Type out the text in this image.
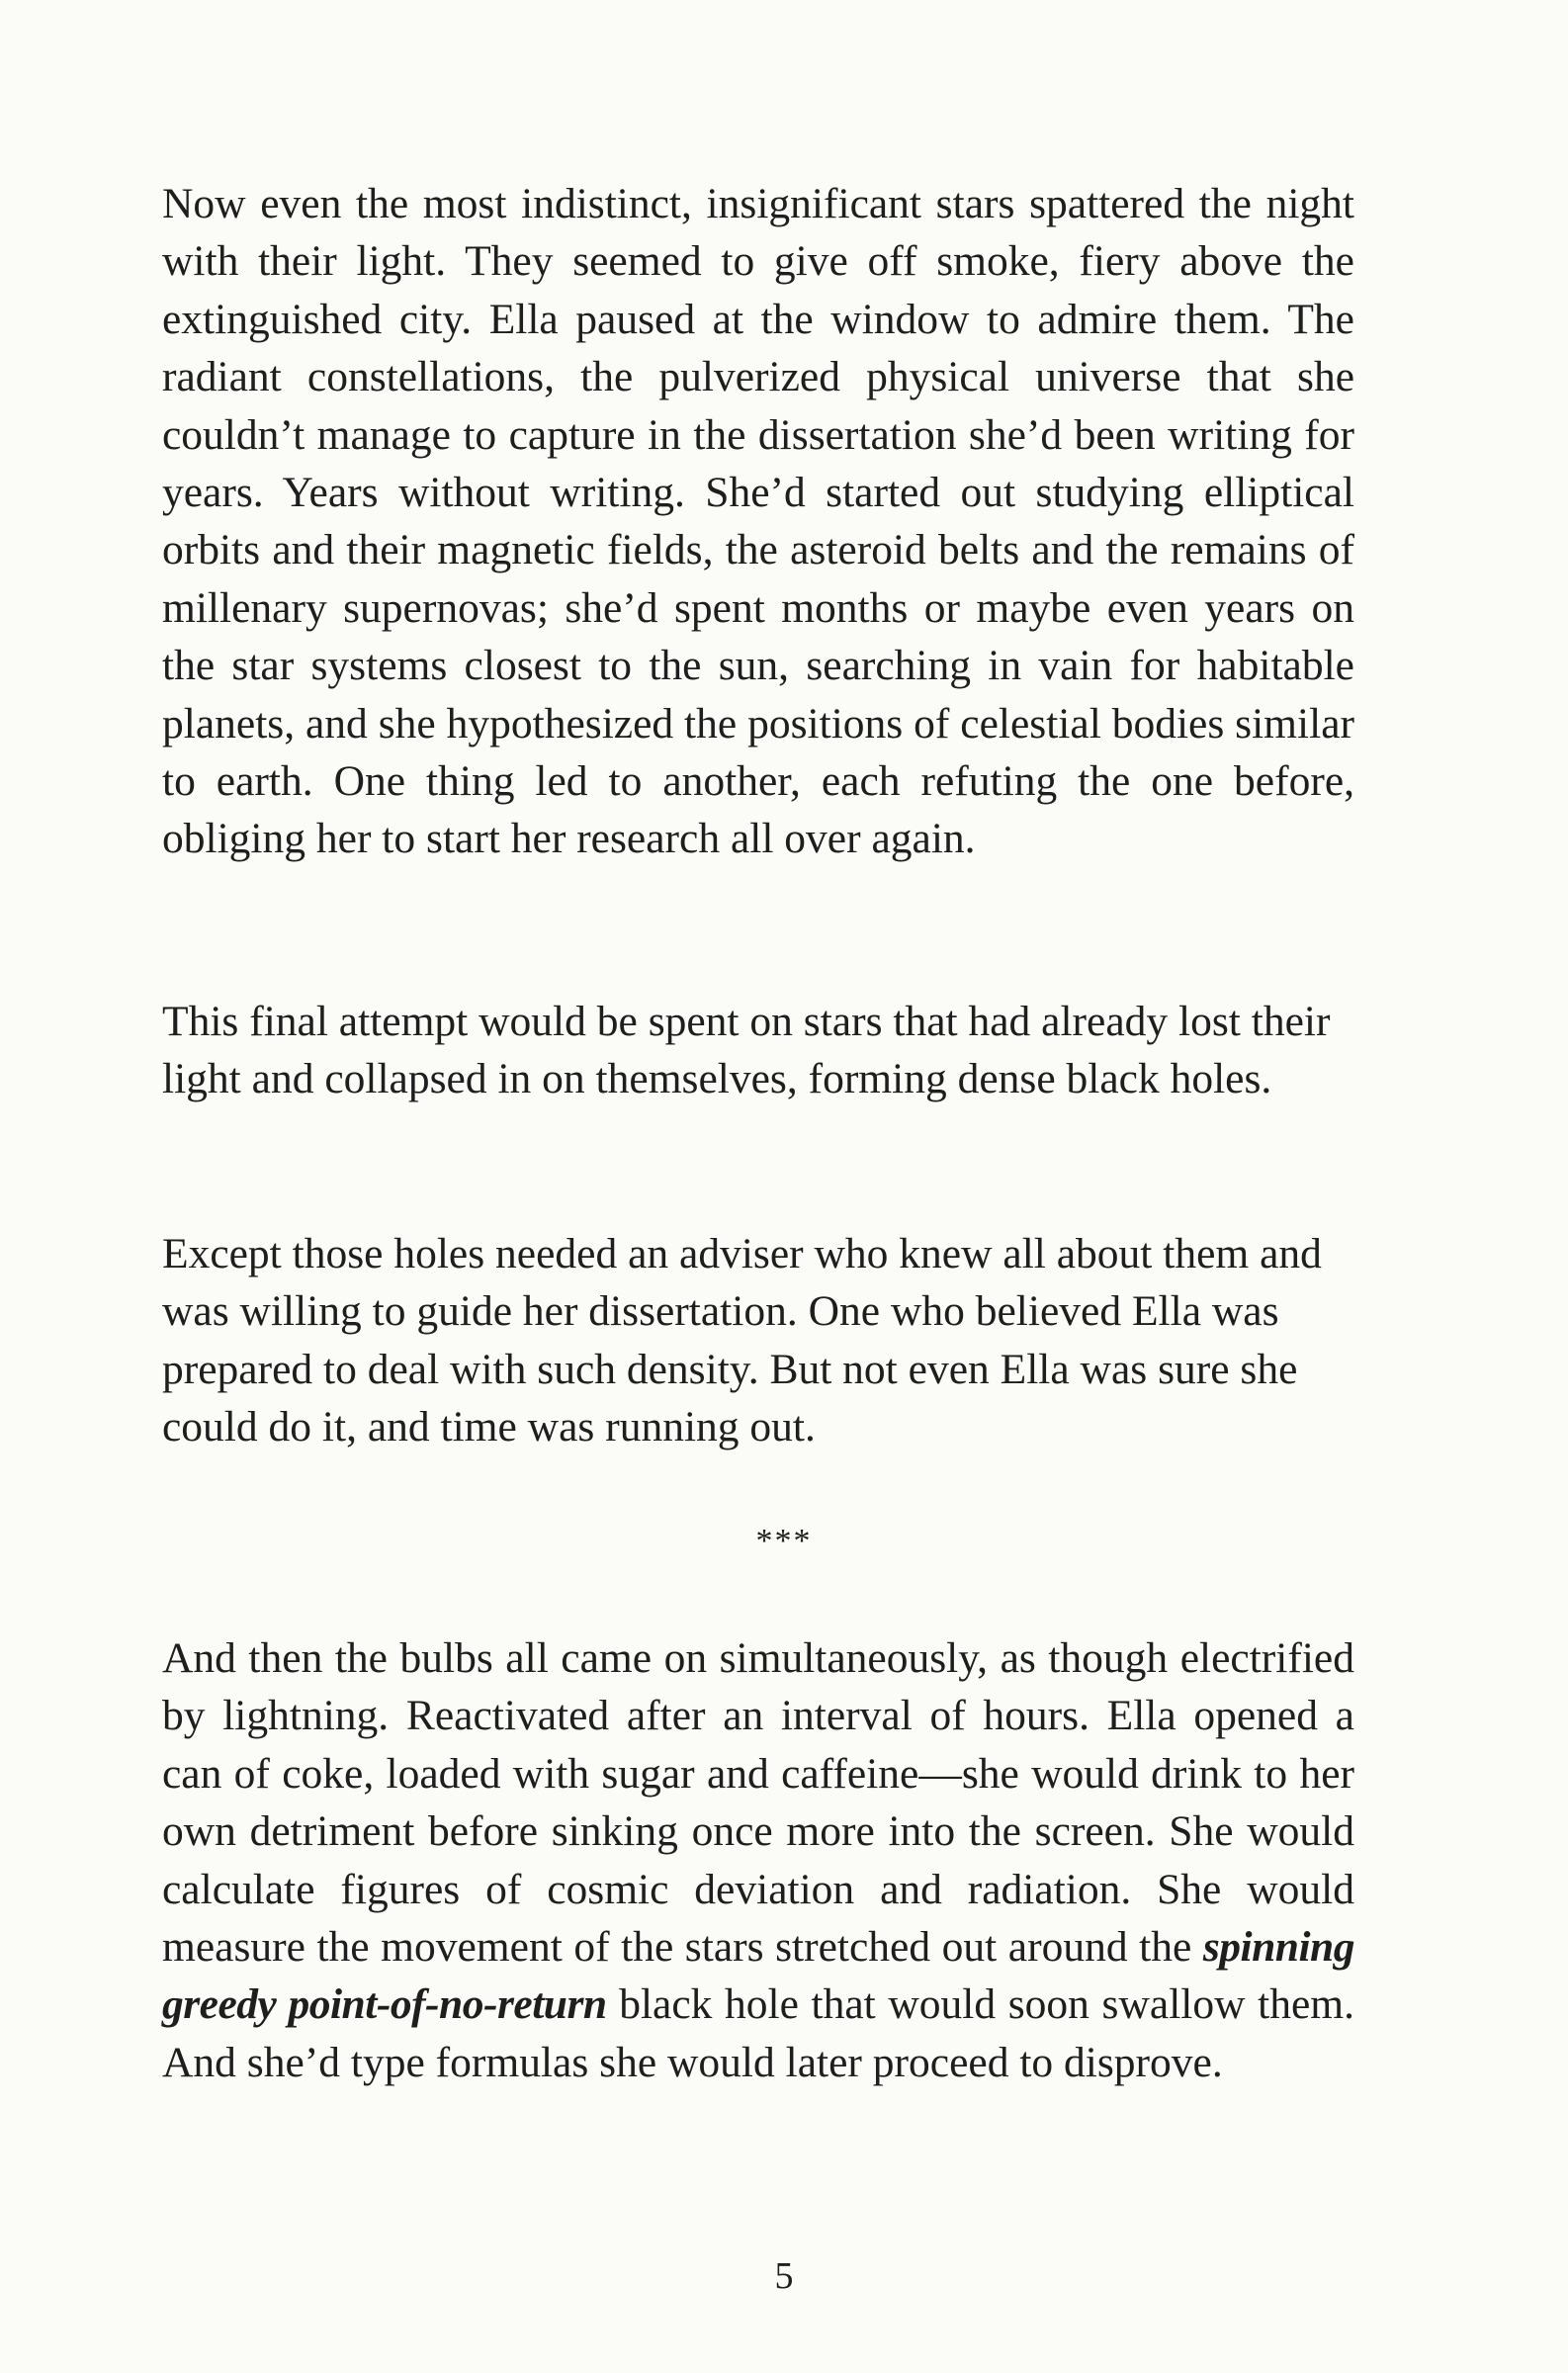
Now even the most indistinct, insignificant stars spattered the night with their light. They seemed to give off smoke, fiery above the extinguished city. Ella paused at the window to admire them. The radiant constellations, the pulverized physical universe that she couldn’t manage to capture in the dissertation she’d been writing for years. Years without writing. She’d started out studying elliptical orbits and their magnetic fields, the asteroid belts and the remains of millenary supernovas; she’d spent months or maybe even years on the star systems closest to the sun, searching in vain for habitable planets, and she hypothesized the positions of celestial bodies similar to earth. One thing led to another, each refuting the one before, obliging her to start her research all over again.

This final attempt would be spent on stars that had already lost their light and collapsed in on themselves, forming dense black holes.

Except those holes needed an adviser who knew all about them and was willing to guide her dissertation. One who believed Ella was prepared to deal with such density. But not even Ella was sure she could do it, and time was running out.

***

And then the bulbs all came on simultaneously, as though electrified by lightning. Reactivated after an interval of hours. Ella opened a can of coke, loaded with sugar and caffeine—she would drink to her own detriment before sinking once more into the screen. She would calculate figures of cosmic deviation and radiation. She would measure the movement of the stars stretched out around the spinning greedy point-of-no-return black hole that would soon swallow them. And she’d type formulas she would later proceed to disprove.

5
